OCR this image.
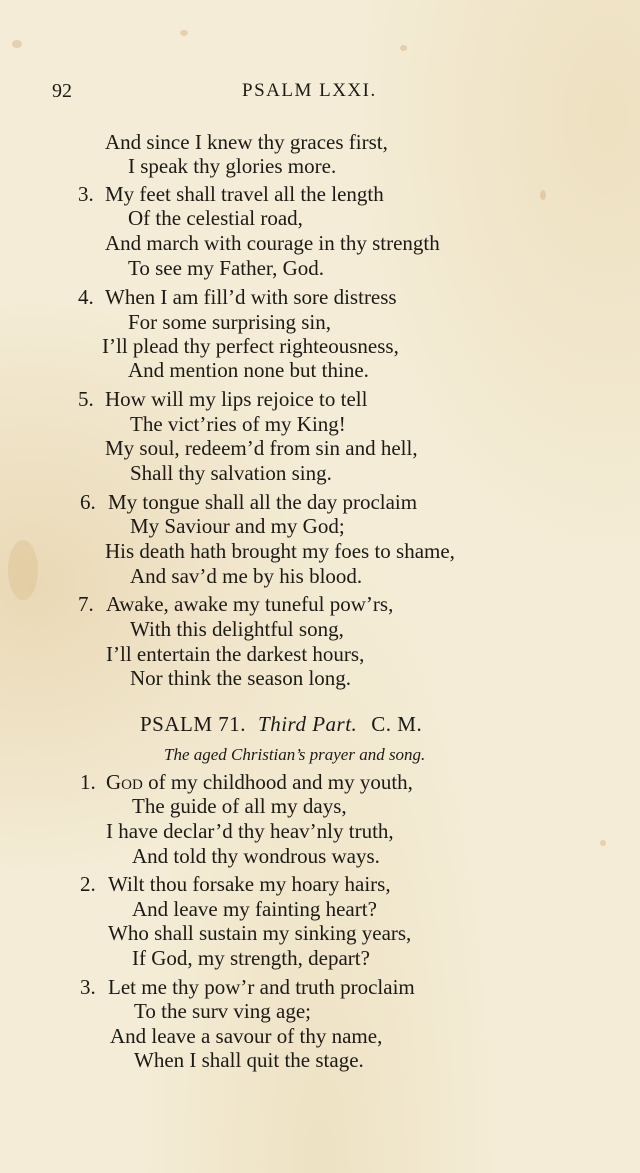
92	PSALM LXXI.
And since I knew thy graces first,
I speak thy glories more.
3. My feet shall travel all the length
Of the celestial road,
And march with courage in thy strength
To see my Father, God.
4. When I am fill’d with sore distress
For some surprising sin,
I’ll plead thy perfect righteousness,
And mention none but thine.
5. How will my lips rejoice to tell
The vict’ries of my King!
My soul, redeem’d from sin and hell,
Shall thy salvation sing.
6. My tongue shall all the day proclaim
My Saviour and my God;
His death hath brought my foes to shame,
And sav’d me by his blood.
7. Awake, awake my tuneful pow’rs,
With this delightful song,
I’ll entertain the darkest hours,
Nor think the season long.
PSALM 71. Third Part. C. M.
The aged Christian’s prayer and song.
1. God of my childhood and my youth,
The guide of all my days,
I have declar’d thy heav’nly truth,
And told thy wondrous ways.
2. Wilt thou forsake my hoary hairs,
And leave my fainting heart?
Who shall sustain my sinking years,
If God, my strength, depart?
3. Let me thy pow’r and truth proclaim
To the surv ving age;
And leave a savour of thy name,
When I shall quit the stage.
